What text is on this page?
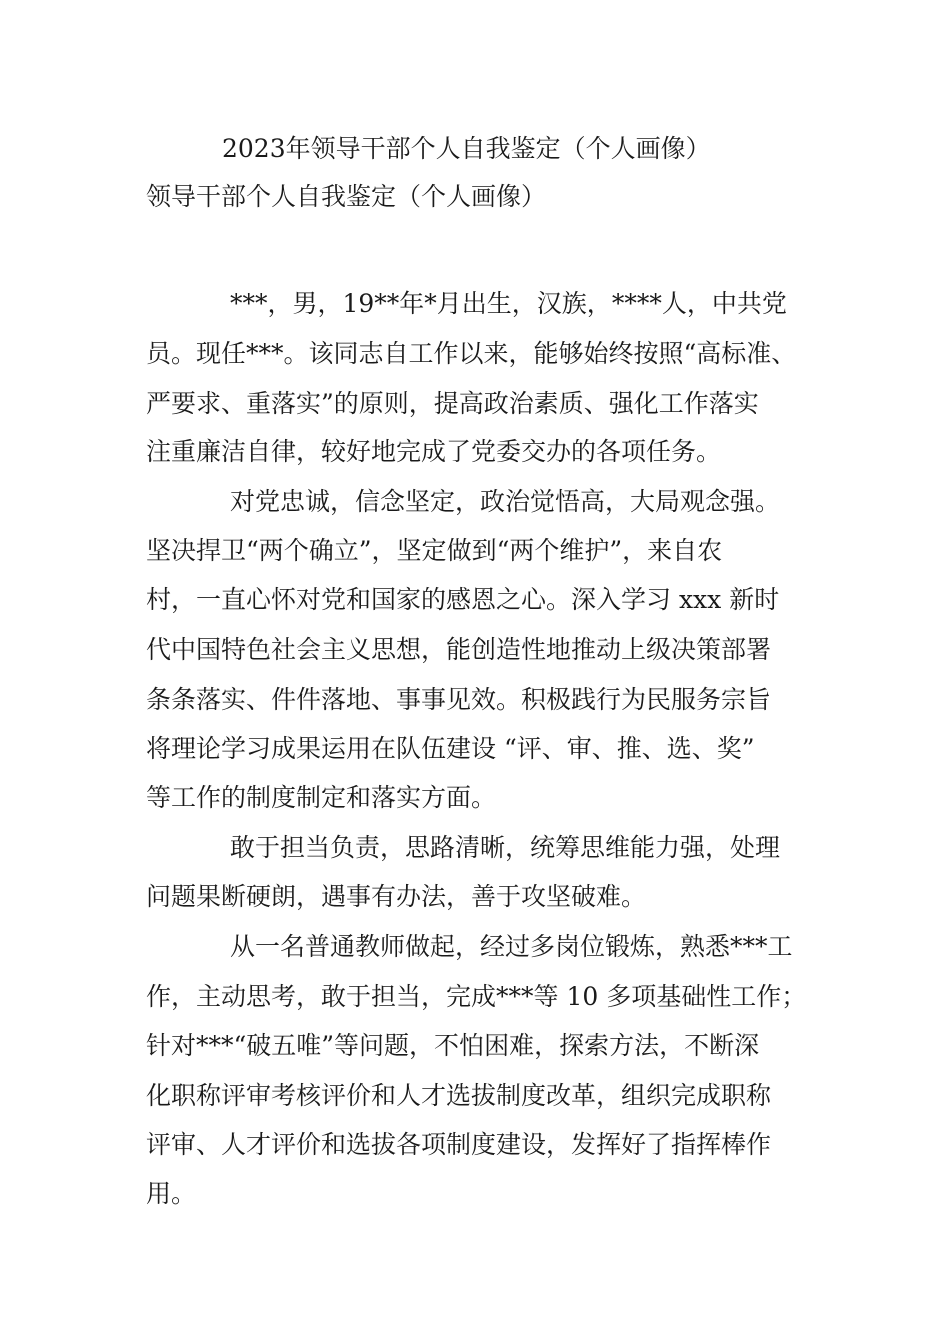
2023年领导干部个人自我鉴定（个人画像）
领导干部个人自我鉴定（个人画像）
***，男，19**年*月出生，汉族，****人，中共党
员。现任***。该同志自工作以来，能够始终按照“高标准、
严要求、重落实”的原则，提高政治素质、强化工作落实
注重廉洁自律，较好地完成了党委交办的各项任务。
对党忠诚，信念坚定，政治觉悟高，大局观念强。
坚决捍卫“两个确立”，坚定做到“两个维护”，来自农
村，一直心怀对党和国家的感恩之心。深入学习 xxx 新时
代中国特色社会主义思想，能创造性地推动上级决策部署
条条落实、件件落地、事事见效。积极践行为民服务宗旨
将理论学习成果运用在队伍建设 “评、审、推、选、奖”
等工作的制度制定和落实方面。
敢于担当负责，思路清晰，统筹思维能力强，处理
问题果断硬朗，遇事有办法，善于攻坚破难。
从一名普通教师做起，经过多岗位锻炼，熟悉***工
作，主动思考，敢于担当，完成***等 10 多项基础性工作；
针对***“破五唯”等问题，不怕困难，探索方法，不断深
化职称评审考核评价和人才选拔制度改革，组织完成职称
评审、人才评价和选拔各项制度建设，发挥好了指挥棒作
用。
